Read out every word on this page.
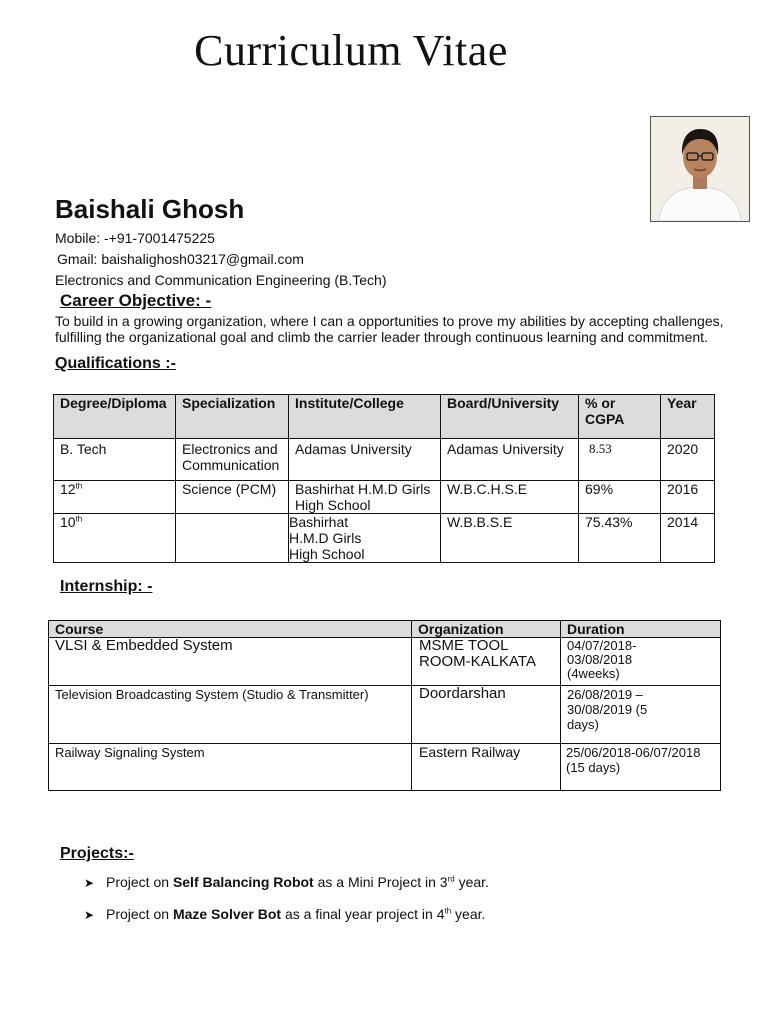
Curriculum Vitae
Baishali Ghosh
Mobile: -+91-7001475225
Gmail: baishalighosh03217@gmail.com
Electronics and Communication Engineering (B.Tech)
Career Objective: -
To build in a growing organization, where I can a opportunities to prove my abilities by accepting challenges, fulfilling the organizational goal and climb the carrier leader through continuous learning and commitment.
Qualifications :-
Degree/Diploma	Specialization	Institute/College	Board/University	% or CGPA	Year
B. Tech	Electronics and Communication	Adamas University	Adamas University	8.53	2020
12th	Science (PCM)	Bashirhat H.M.D Girls High School	W.B.C.H.S.E	69%	2016
10th		Bashirhat H.M.D Girls High School	W.B.B.S.E	75.43%	2014
Internship: -
Course	Organization	Duration
VLSI & Embedded System	MSME TOOL ROOM-KALKATA	04/07/2018-03/08/2018 (4weeks)

Television Broadcasting System (Studio & Transmitter)	Doordarshan	26/08/2019 – 30/08/2019 (5 days)

Railway Signaling System	Eastern Railway	25/06/2018-06/07/2018 (15 days)
Projects:-
➤ Project on Self Balancing Robot as a Mini Project in 3rd year.
➤ Project on Maze Solver Bot as a final year project in 4th year.
